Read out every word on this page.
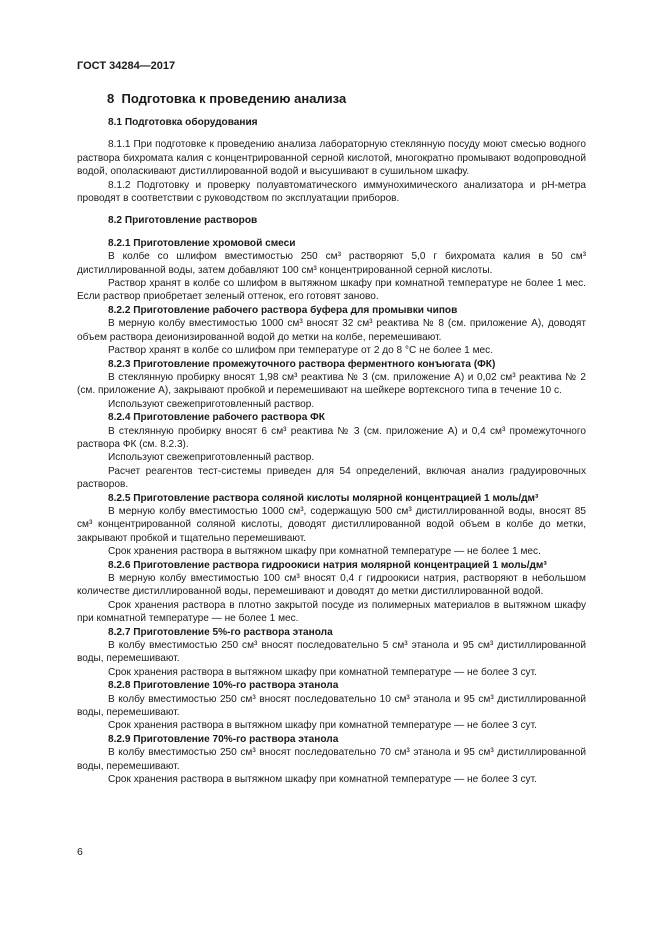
ГОСТ 34284—2017
8 Подготовка к проведению анализа

8.1 Подготовка оборудования

8.1.1 При подготовке к проведению анализа лабораторную стеклянную посуду моют смесью водного раствора бихромата калия с концентрированной серной кислотой, многократно промывают водопроводной водой, ополаскивают дистиллированной водой и высушивают в сушильном шкафу.

8.1.2 Подготовку и проверку полуавтоматического иммунохимического анализатора и рН-метра проводят в соответствии с руководством по эксплуатации приборов.

8.2 Приготовление растворов

8.2.1 Приготовление хромовой смеси

В колбе со шлифом вместимостью 250 см³ растворяют 5,0 г бихромата калия в 50 см³ дистиллированной воды, затем добавляют 100 см³ концентрированной серной кислоты.

Раствор хранят в колбе со шлифом в вытяжном шкафу при комнатной температуре не более 1 мес. Если раствор приобретает зеленый оттенок, его готовят заново.

8.2.2 Приготовление рабочего раствора буфера для промывки чипов

В мерную колбу вместимостью 1000 см³ вносят 32 см³ реактива № 8 (см. приложение А), доводят объем раствора деионизированной водой до метки на колбе, перемешивают.

Раствор хранят в колбе со шлифом при температуре от 2 до 8 °С не более 1 мес.

8.2.3 Приготовление промежуточного раствора ферментного конъюгата (ФК)

В стеклянную пробирку вносят 1,98 см³ реактива № 3 (см. приложение А) и 0,02 см³ реактива № 2 (см. приложение А), закрывают пробкой и перемешивают на шейкере вортексного типа в течение 10 с.

Используют свежеприготовленный раствор.

8.2.4 Приготовление рабочего раствора ФК

В стеклянную пробирку вносят 6 см³ реактива № 3 (см. приложение А) и 0,4 см³ промежуточного раствора ФК (см. 8.2.3).

Используют свежеприготовленный раствор.

Расчет реагентов тест-системы приведен для 54 определений, включая анализ градуировочных растворов.

8.2.5 Приготовление раствора соляной кислоты молярной концентрацией 1 моль/дм³

В мерную колбу вместимостью 1000 см³, содержащую 500 см³ дистиллированной воды, вносят 85 см³ концентрированной соляной кислоты, доводят дистиллированной водой объем в колбе до метки, закрывают пробкой и тщательно перемешивают.

Срок хранения раствора в вытяжном шкафу при комнатной температуре — не более 1 мес.

8.2.6 Приготовление раствора гидроокиси натрия молярной концентрацией 1 моль/дм³

В мерную колбу вместимостью 100 см³ вносят 0,4 г гидроокиси натрия, растворяют в небольшом количестве дистиллированной воды, перемешивают и доводят до метки дистиллированной водой.

Срок хранения раствора в плотно закрытой посуде из полимерных материалов в вытяжном шкафу при комнатной температуре — не более 1 мес.

8.2.7 Приготовление 5%-го раствора этанола

В колбу вместимостью 250 см³ вносят последовательно 5 см³ этанола и 95 см³ дистиллированной воды, перемешивают.

Срок хранения раствора в вытяжном шкафу при комнатной температуре — не более 3 сут.

8.2.8 Приготовление 10%-го раствора этанола

В колбу вместимостью 250 см³ вносят последовательно 10 см³ этанола и 95 см³ дистиллированной воды, перемешивают.

Срок хранения раствора в вытяжном шкафу при комнатной температуре — не более 3 сут.

8.2.9 Приготовление 70%-го раствора этанола

В колбу вместимостью 250 см³ вносят последовательно 70 см³ этанола и 95 см³ дистиллированной воды, перемешивают.

Срок хранения раствора в вытяжном шкафу при комнатной температуре — не более 3 сут.

6
